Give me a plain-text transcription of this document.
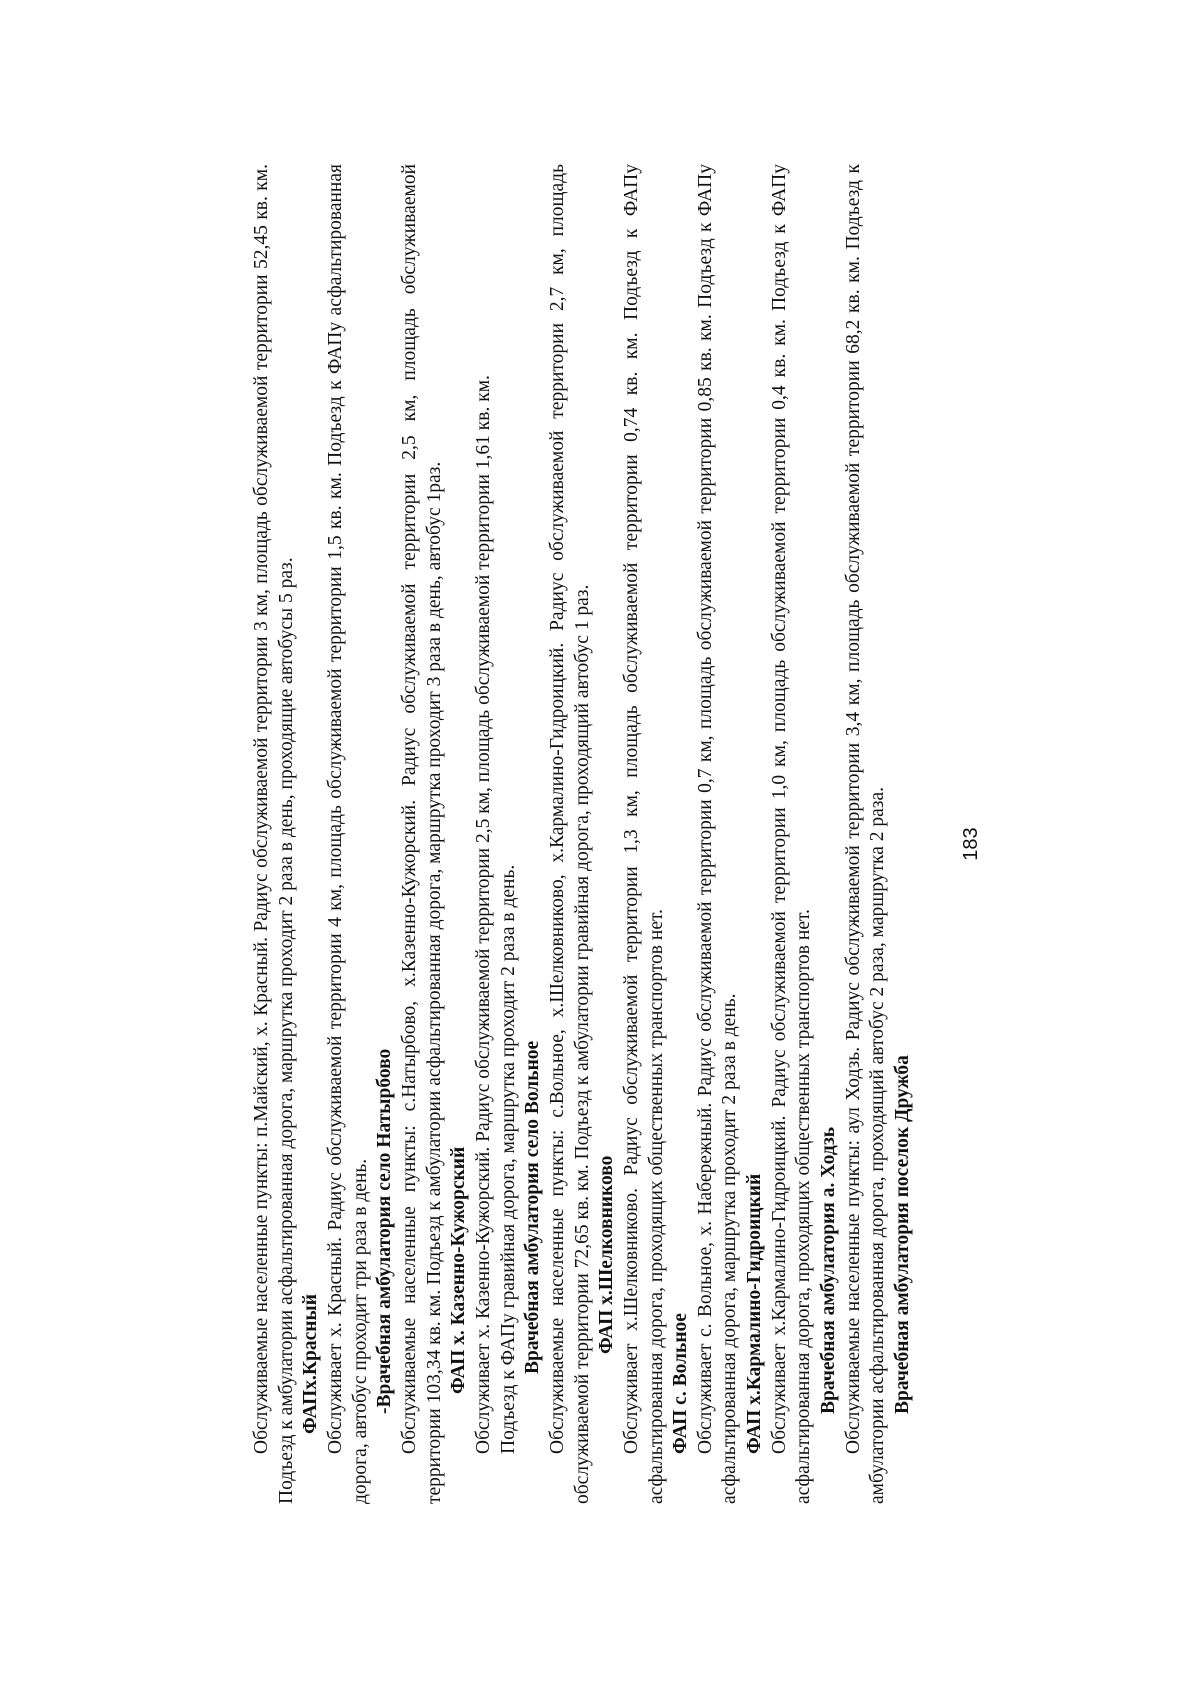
Обслуживаемые населенные пункты: п.Майский, х. Красный. Радиус обслуживаемой территории 3 км, площадь обслуживаемой территории 52,45 кв. км. Подъезд к амбулатории асфальтированная дорога, маршрутка проходит 2 раза в день, проходящие автобусы 5 раз. ФАПх.Красный Обслуживает х. Красный. Радиус обслуживаемой территории 4 км, площадь обслуживаемой территории 1,5 кв. км. Подъезд к ФАПу асфальтированная дорога, автобус проходит три раза в день. -Врачебная амбулатория село Натырбово Обслуживаемые населенные пункты: с.Натырбово, х.Казенно-Кужорский. Радиус обслуживаемой территории 2,5 км, площадь обслуживаемой территории 103,34 кв. км. Подъезд к амбулатории асфальтированная дорога, маршрутка проходит 3 раза в день, автобус 1раз. ФАП х. Казенно-Кужорский Обслуживает х. Казенно-Кужорский. Радиус обслуживаемой территории 2,5 км, площадь обслуживаемой территории 1,61 кв. км. Подъезд к ФАПу гравийная дорога, маршрутка проходит 2 раза в день. Врачебная амбулатория село Вольное Обслуживаемые населенные пункты: с.Вольное, х.Шелковниково, х.Кармалино-Гидроицкий. Радиус обслуживаемой территории 2,7 км, площадь обслуживаемой территории 72,65 кв. км. Подъезд к амбулатории гравийная дорога, проходящий автобус 1 раз. ФАП х.Шелковниково Обслуживает х.Шелковниково. Радиус обслуживаемой территории 1,3 км, площадь обслуживаемой территории 0,74 кв. км. Подъезд к ФАПу асфальтированная дорога, проходящих общественных транспортов нет. ФАП с. Вольное Обслуживает с. Вольное, х. Набережный. Радиус обслуживаемой территории 0,7 км, площадь обслуживаемой территории 0,85 кв. км. Подъезд к ФАПу асфальтированная дорога, маршрутка проходит 2 раза в день. ФАП х.Кармалино-Гидроицкий Обслуживает х.Кармалино-Гидроицкий. Радиус обслуживаемой территории 1,0 км, площадь обслуживаемой территории 0,4 кв. км. Подъезд к ФАПу асфальтированная дорога, проходящих общественных транспортов нет. Врачебная амбулатория а. Ходзь Обслуживаемые населенные пункты: аул Ходзь. Радиус обслуживаемой территории 3,4 км, площадь обслуживаемой территории 68,2 кв. км. Подъезд к амбулатории асфальтированная дорога, проходящий автобус 2 раза, маршрутка 2 раза. Врачебная амбулатория поселок Дружба

183
